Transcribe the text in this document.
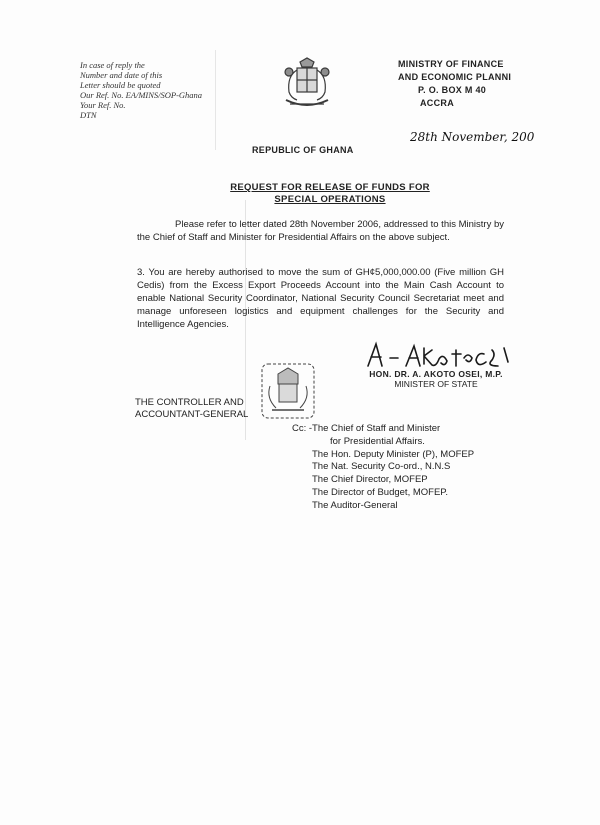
In case of reply the
Number and date of this
Letter should be quoted
Our Ref. No. EA/MINS/SOP-Ghana
Your Ref. No.
DTN
MINISTRY OF FINANCE
AND ECONOMIC PLANNI
P. O. BOX M 40
ACCRA
REPUBLIC OF GHANA
28th November, 200
REQUEST FOR RELEASE OF FUNDS FOR
SPECIAL OPERATIONS
Please refer to letter dated 28th November 2006, addressed to this Ministry by the Chief of Staff and Minister for Presidential Affairs on the above subject.
3. You are hereby authorised to move the sum of GH¢5,000,000.00 (Five million GH Cedis) from the Excess Export Proceeds Account into the Main Cash Account to enable National Security Coordinator, National Security Council Secretariat meet and manage unforeseen logistics and equipment challenges for the Security and Intelligence Agencies.
HON. DR. A. AKOTO OSEI, M.P.
MINISTER OF STATE
THE CONTROLLER AND
ACCOUNTANT-GENERAL
Cc: -The Chief of Staff and Minister
for Presidential Affairs.
The Hon. Deputy Minister (P), MOFEP
The Nat. Security Co-ord., N.N.S
The Chief Director, MOFEP
The Director of Budget, MOFEP.
The Auditor-General
